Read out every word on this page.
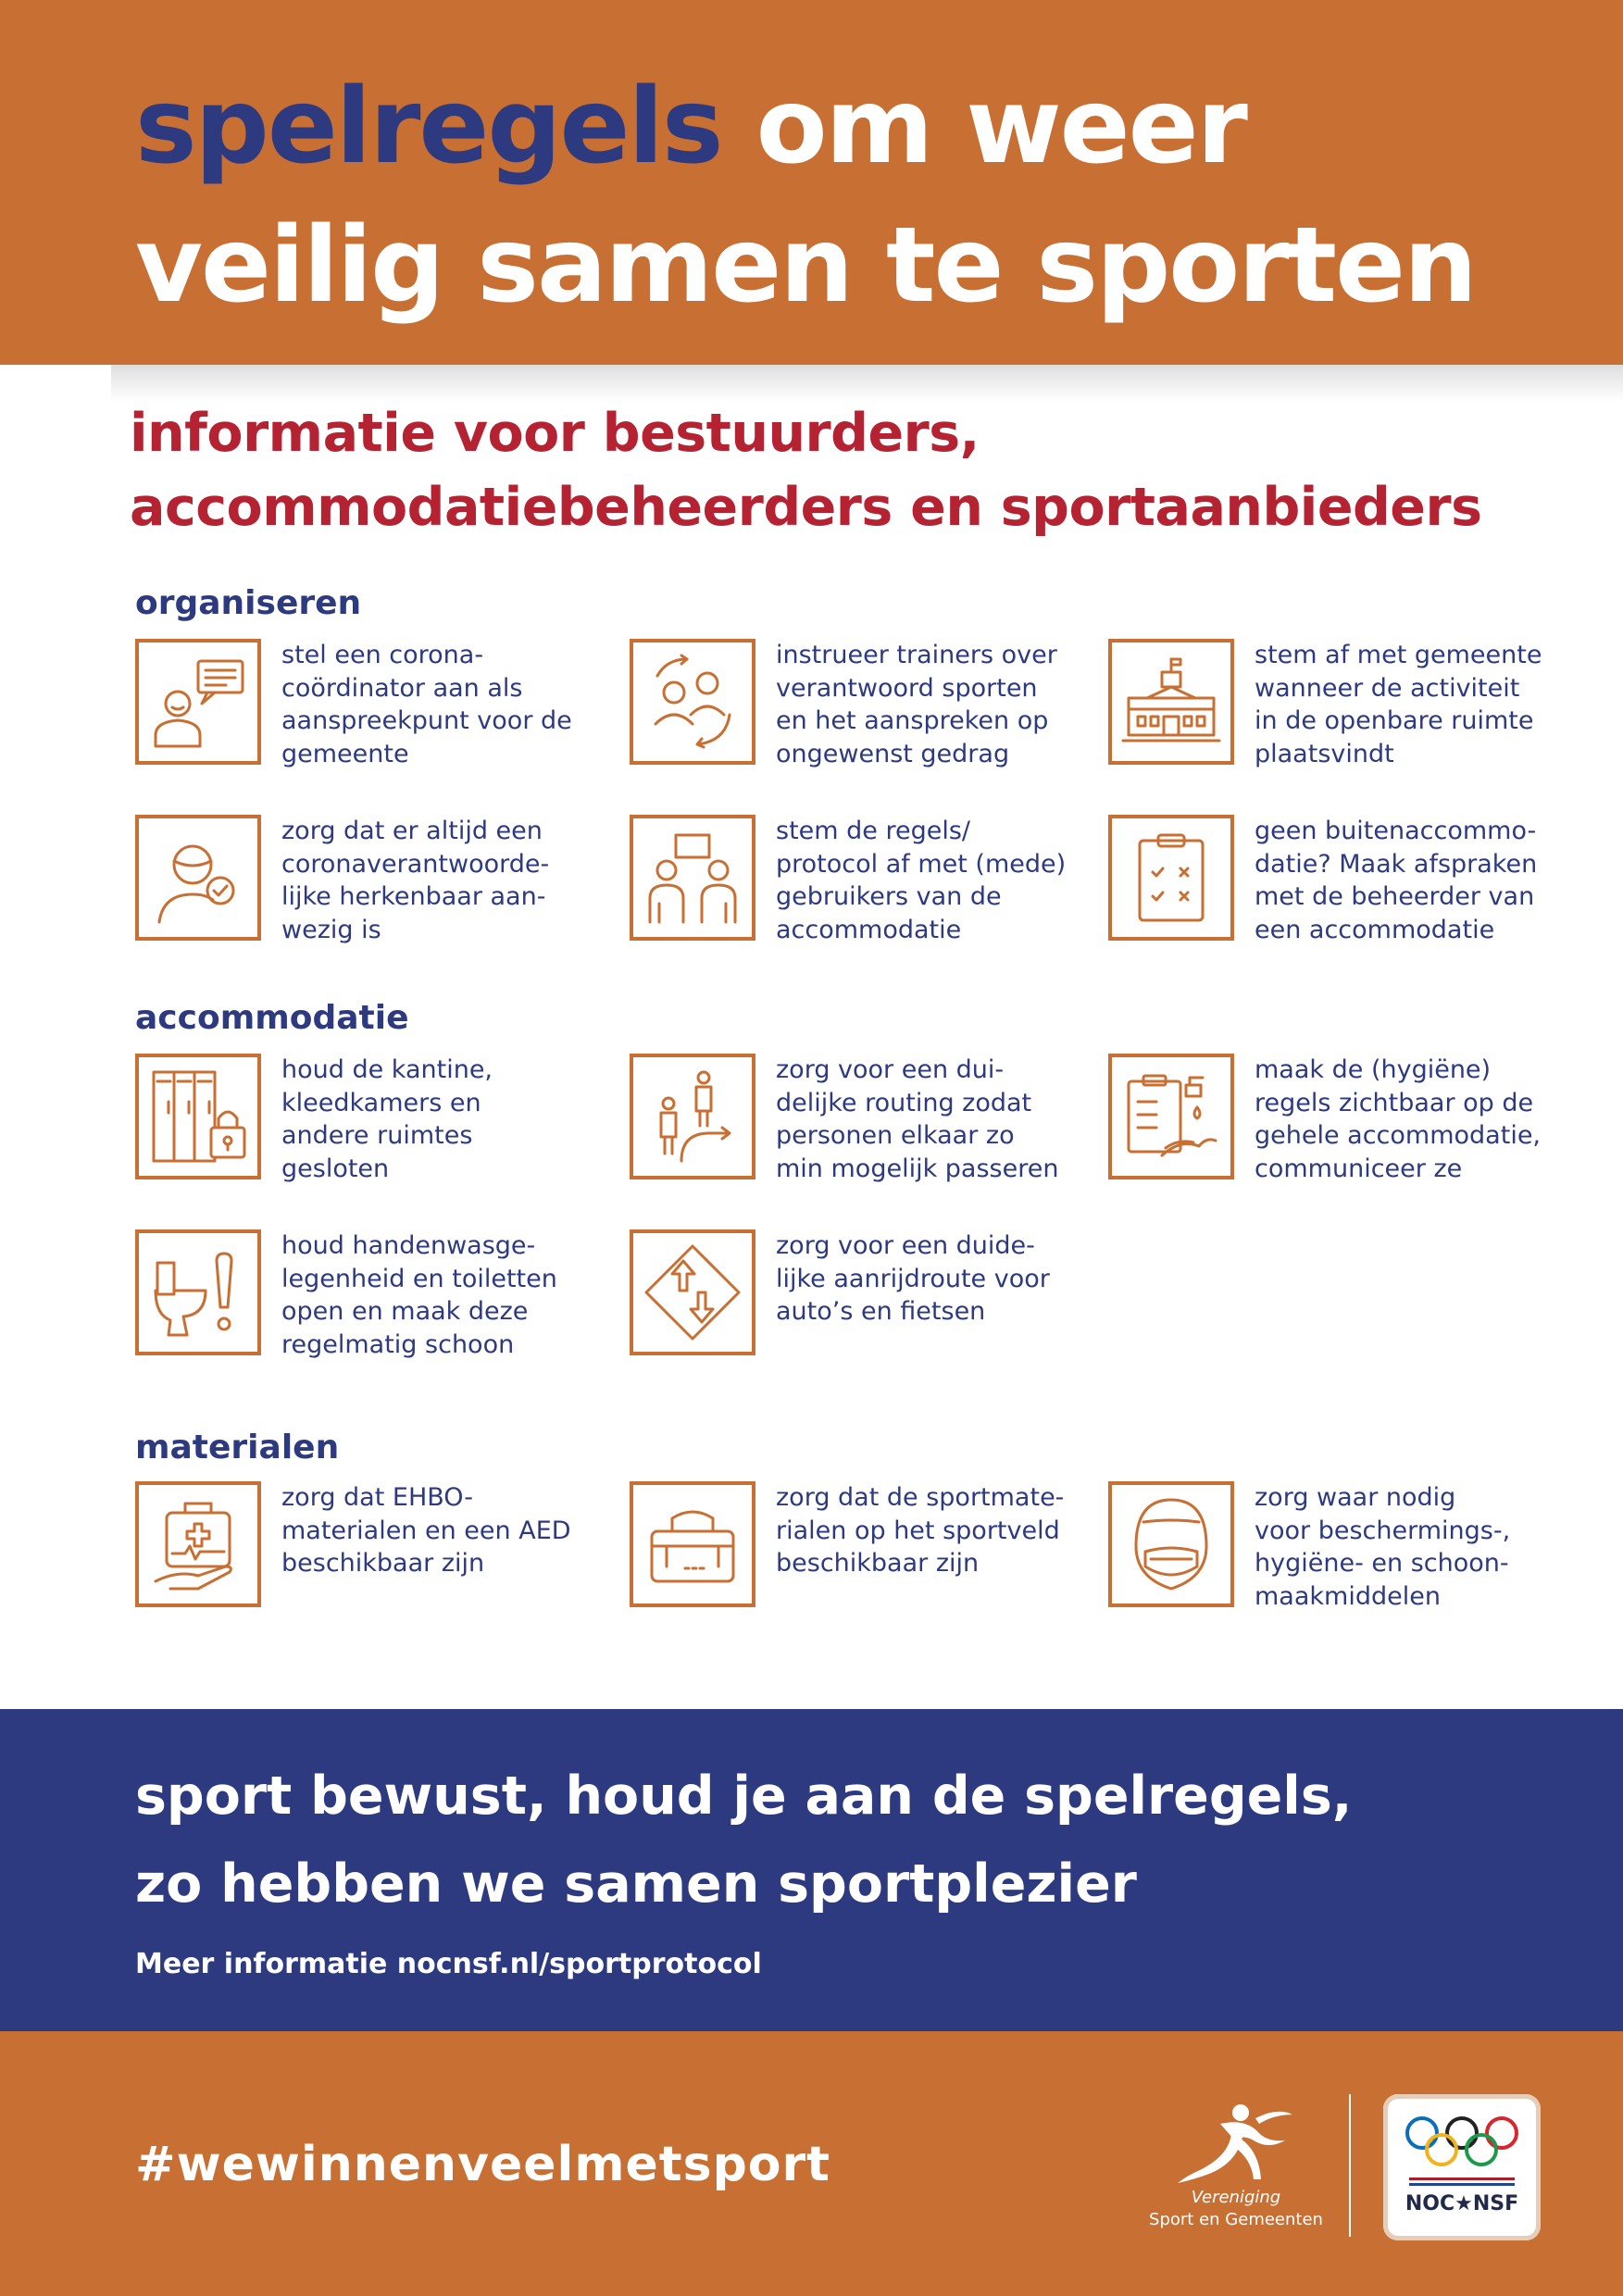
spelregels om weer
veilig samen te sporten
informatie voor bestuurders,
accommodatiebeheerders en sportaanbieders
organiseren
stel een corona-
coördinator aan als
aanspreekpunt voor de
gemeente
instrueer trainers over
verantwoord sporten
en het aanspreken op
ongewenst gedrag
stem af met gemeente
wanneer de activiteit
in de openbare ruimte
plaatsvindt
zorg dat er altijd een
coronaverantwoorde-
lijke herkenbaar aan-
wezig is
stem de regels/
protocol af met (mede)
gebruikers van de
accommodatie
geen buitenaccommo-
datie? Maak afspraken
met de beheerder van
een accommodatie
accommodatie
houd de kantine,
kleedkamers en
andere ruimtes
gesloten
zorg voor een dui-
delijke routing zodat
personen elkaar zo
min mogelijk passeren
maak de (hygiëne)
regels zichtbaar op de
gehele accommodatie,
communiceer ze
houd handenwasge-
legenheid en toiletten
open en maak deze
regelmatig schoon
zorg voor een duide-
lijke aanrijdroute voor
auto’s en fietsen
materialen
zorg dat EHBO-
materialen en een AED
beschikbaar zijn
zorg dat de sportmate-
rialen op het sportveld
beschikbaar zijn
zorg waar nodig
voor beschermings-,
hygiëne- en schoon-
maakmiddelen

sport bewust, houd je aan de spelregels,
zo hebben we samen sportplezier

Meer informatie nocnsf.nl/sportprotocol

#wewinnenveelmetsport

Vereniging
Sport en Gemeenten
NOC★NSF
